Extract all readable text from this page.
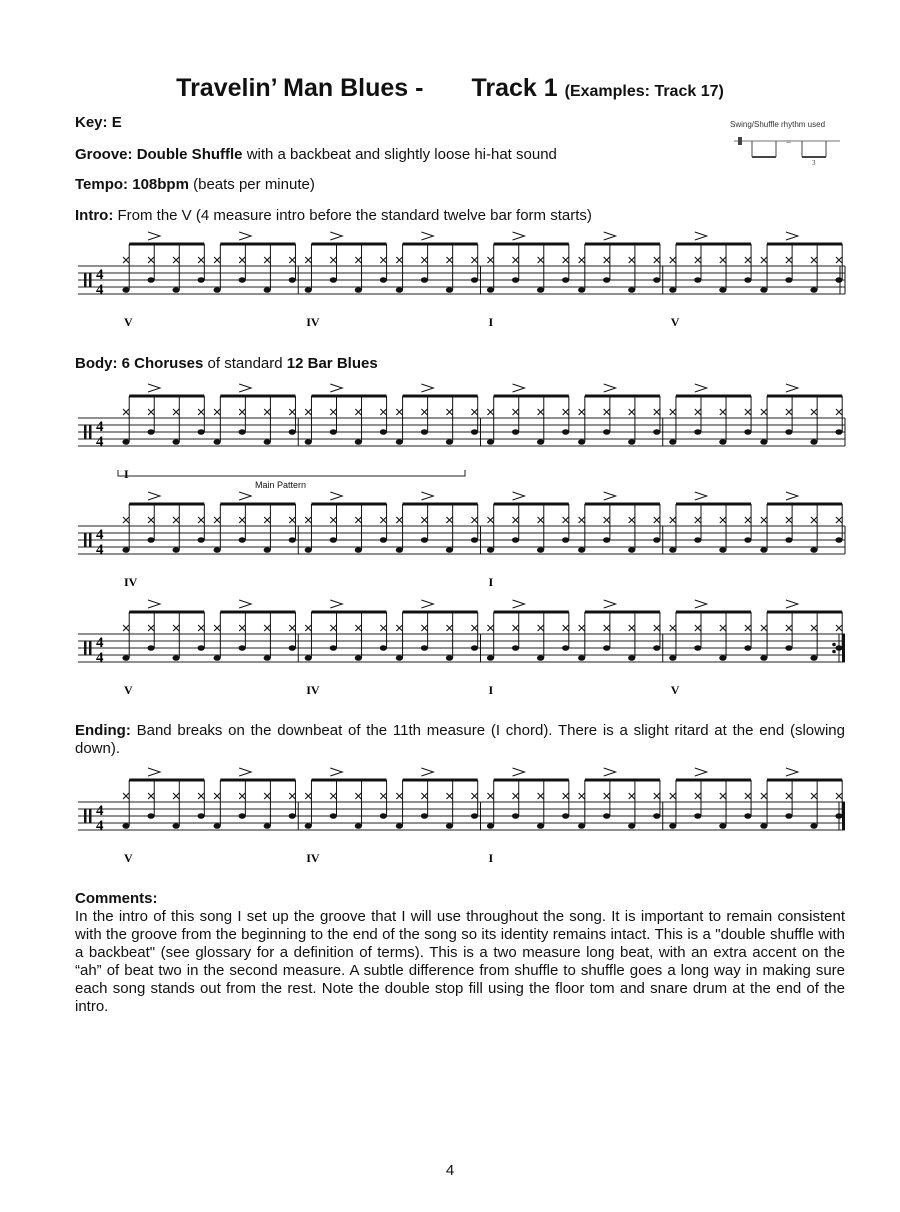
Travelin’ Man Blues - Track 1 (Examples: Track 17)
Key: E
Groove: Double Shuffle with a backbeat and slightly loose hi-hat sound
Tempo: 108bpm (beats per minute)
Swing/Shuffle rhythm used
=
3
Intro: From the V (4 measure intro before the standard twelve bar form starts)
4
4
V	IV	I	V
Body: 6 Choruses of standard 12 Bar Blues
4
4
I
Main Pattern
4
4
IV	I
4
4
V	IV	I	V
Ending: Band breaks on the downbeat of the 11th measure (I chord). There is a slight ritard at the end (slowing down).
4
4
V	IV	I

Comments:

In the intro of this song I set up the groove that I will use throughout the song. It is important to remain consistent with the groove from the beginning to the end of the song so its identity remains intact. This is a "double shuffle with a backbeat" (see glossary for a definition of terms). This is a two measure long beat, with an extra accent on the “ah” of beat two in the second measure. A subtle difference from shuffle to shuffle goes a long way in making sure each song stands out from the rest. Note the double stop fill using the floor tom and snare drum at the end of the intro.

4
